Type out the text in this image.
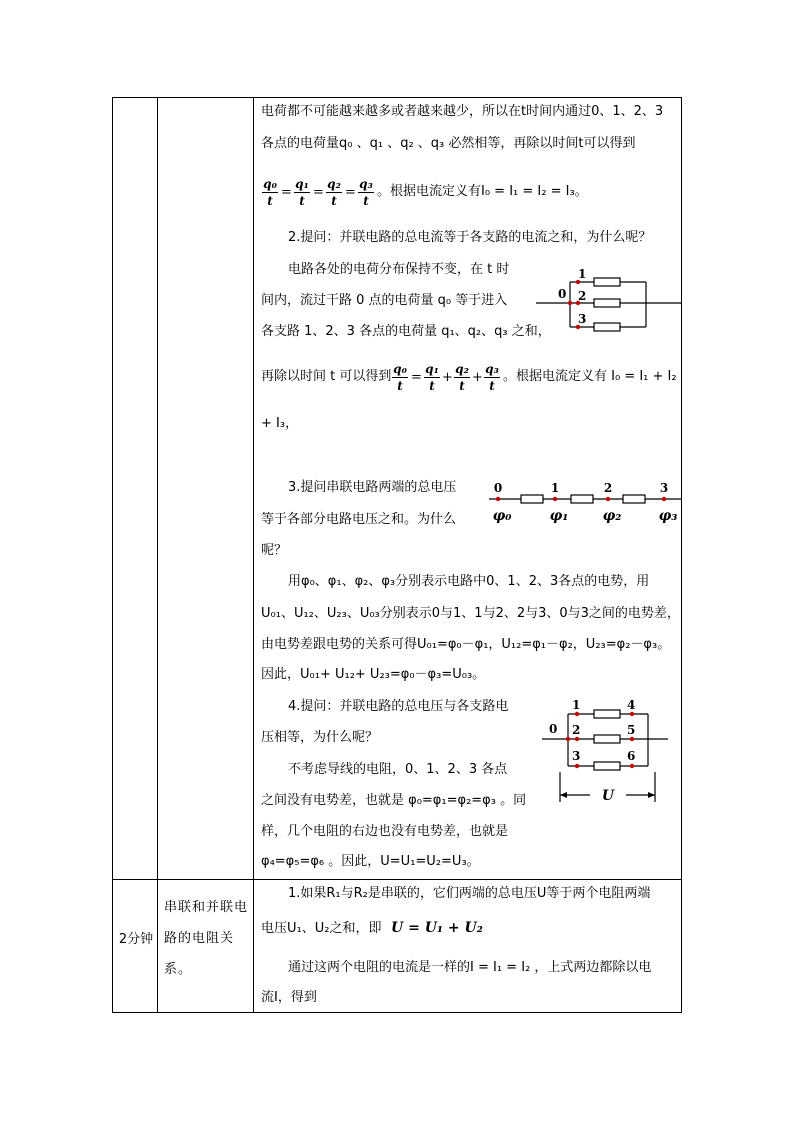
电荷都不可能越来越多或者越来越少，所以在t时间内通过0、1、2、3
各点的电荷量q₀ 、q₁ 、q₂ 、q₃ 必然相等，再除以时间t可以得到
q₀
t
=
q₁
t
=
q₂
t
=
q₃
t
。根据电流定义有I₀ = I₁ = I₂ = I₃。
2.提问：并联电路的总电流等于各支路的电流之和，为什么呢？
电路各处的电荷分布保持不变，在 t 时
间内，流过干路 0 点的电荷量 q₀ 等于进入
各支路 1、2、3 各点的电荷量 q₁、q₂、q₃ 之和，
再除以时间 t 可以得到 q₀
t
=
q₁
t
+
q₂
t
+
q₃
t
。根据电流定义有 I₀ = I₁ + I₂
+ I₃，
3.提问串联电路两端的总电压
等于各部分电路电压之和。为什么
呢？
用φ₀、φ₁、φ₂、φ₃分别表示电路中0、1、2、3各点的电势，用
U₀₁、U₁₂、U₂₃、U₀₃分别表示0与1、1与2、2与3、0与3之间的电势差，
由电势差跟电势的关系可得U₀₁=φ₀－φ₁，U₁₂=φ₁－φ₂，U₂₃=φ₂－φ₃。
因此，U₀₁+ U₁₂+ U₂₃=φ₀－φ₃=U₀₃。
4.提问：并联电路的总电压与各支路电
压相等，为什么呢？
不考虑导线的电阻，0、1、2、3 各点
之间没有电势差，也就是 φ₀=φ₁=φ₂=φ₃ 。同
样，几个电阻的右边也没有电势差，也就是
φ₄=φ₅=φ₆ 。因此，U=U₁=U₂=U₃。
0
1
2
3
0	1	2	3
φ₀	φ₁ φ₂	φ₃
0
1
2
3
4
5
6
U
2分钟
串联和并联电路的电阻关系。
1.如果R₁与R₂是串联的，它们两端的总电压U等于两个电阻两端
电压U₁、U₂之和，即 U = U₁ + U₂
通过这两个电阻的电流是一样的I = I₁ = I₂ ，上式两边都除以电
流I，得到
